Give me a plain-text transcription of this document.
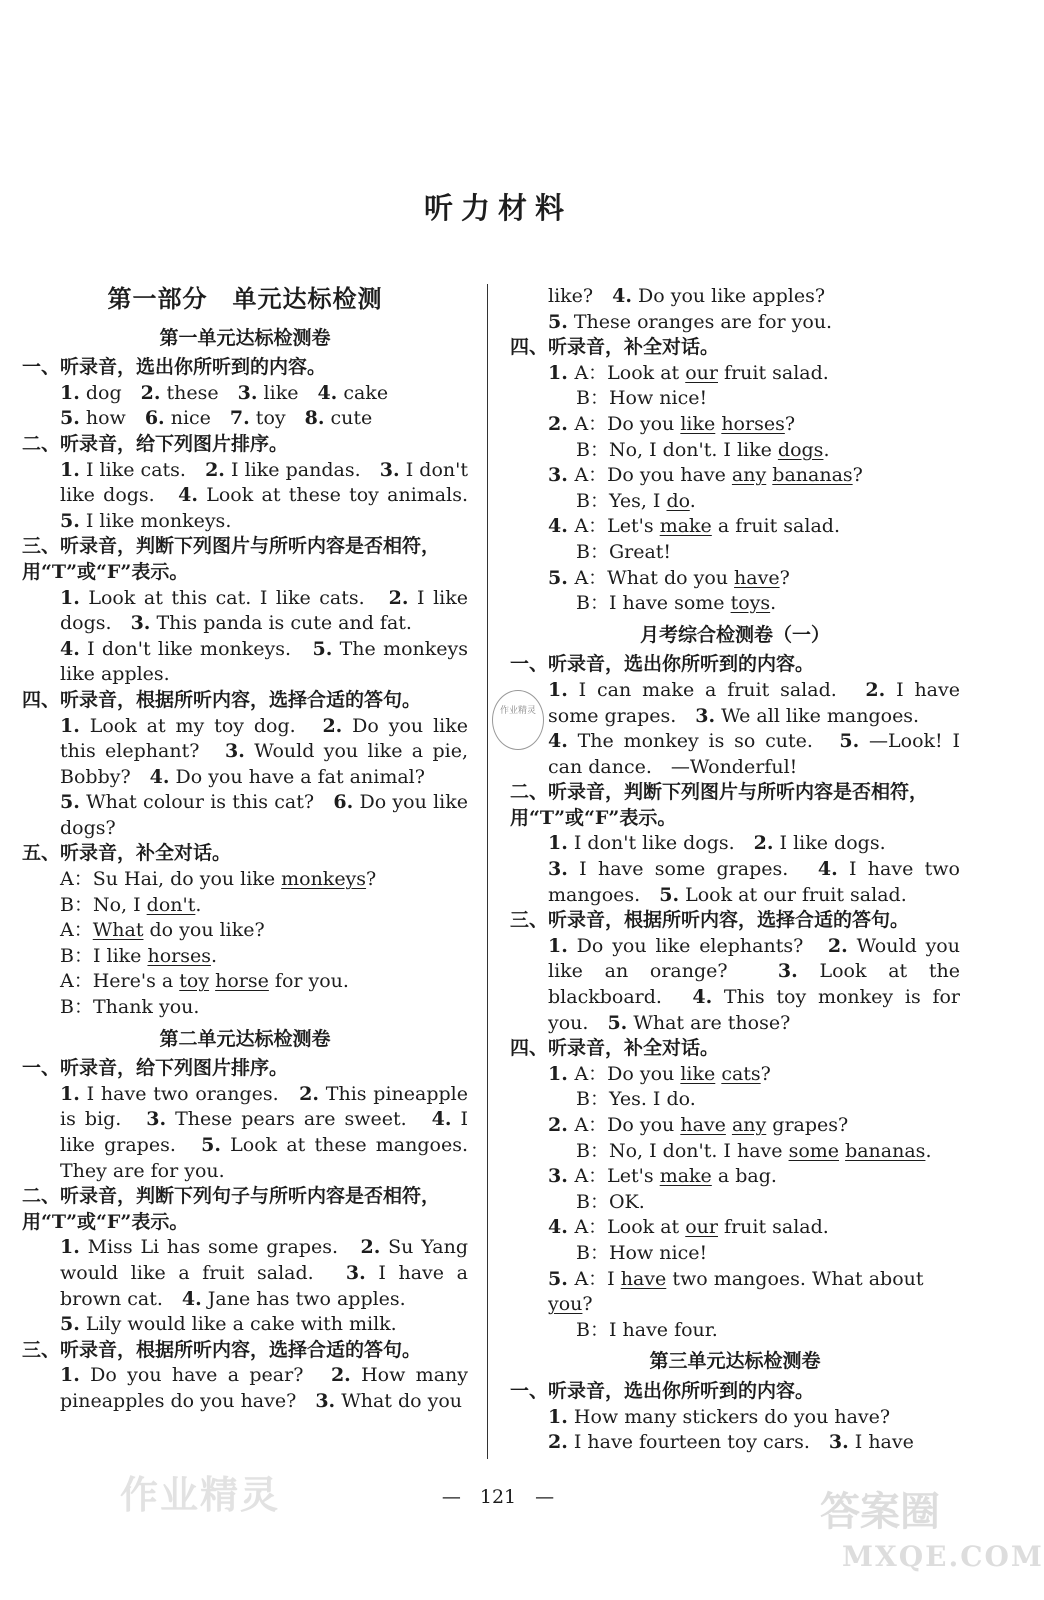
听力材料
第一部分　单元达标检测
第一单元达标检测卷
一、听录音，选出你所听到的内容。
1. dog　2. these　3. like　4. cake
5. how　6. nice　7. toy　8. cute
二、听录音，给下列图片排序。
1. I like cats.　2. I like pandas.　3. I don't like dogs.　4. Look at these toy animals.　5. I like monkeys.
三、听录音，判断下列图片与所听内容是否相符，用“T”或“F”表示。
1. Look at this cat. I like cats.　2. I like dogs.　3. This panda is cute and fat.
4. I don't like monkeys.　5. The monkeys like apples.
四、听录音，根据所听内容，选择合适的答句。
1. Look at my toy dog.　2. Do you like this elephant?　3. Would you like a pie, Bobby?　4. Do you have a fat animal?
5. What colour is this cat?　6. Do you like dogs?
五、听录音，补全对话。
A：Su Hai, do you like monkeys?
B：No, I don't.
A：What do you like?
B：I like horses.
A：Here's a toy horse for you.
B：Thank you.
第二单元达标检测卷
一、听录音，给下列图片排序。
1. I have two oranges.　2. This pineapple is big.　3. These pears are sweet.　4. I like grapes.　5. Look at these mangoes. They are for you.
二、听录音，判断下列句子与所听内容是否相符，用“T”或“F”表示。
1. Miss Li has some grapes.　2. Su Yang would like a fruit salad.　3. I have a brown cat.　4. Jane has two apples.
5. Lily would like a cake with milk.
三、听录音，根据所听内容，选择合适的答句。
1. Do you have a pear?　2. How many pineapples do you have?　3. What do you
like?　4. Do you like apples?
5. These oranges are for you.
四、听录音，补全对话。
1. A：Look at our fruit salad.
B：How nice!
2. A：Do you like horses?
B：No, I don't. I like dogs.
3. A：Do you have any bananas?
B：Yes, I do.
4. A：Let's make a fruit salad.
B：Great!
5. A：What do you have?
B：I have some toys.
月考综合检测卷（一）
一、听录音，选出你所听到的内容。
1. I can make a fruit salad.　2. I have some grapes.　3. We all like mangoes.
4. The monkey is so cute.　5. —Look! I can dance.　—Wonderful!
二、听录音，判断下列图片与所听内容是否相符，用“T”或“F”表示。
1. I don't like dogs.　2. I like dogs.
3. I have some grapes.　4. I have two mangoes.　5. Look at our fruit salad.
三、听录音，根据所听内容，选择合适的答句。
1. Do you like elephants?　2. Would you like an orange?　3. Look at the blackboard.　4. This toy monkey is for you.　5. What are those?
四、听录音，补全对话。
1. A：Do you like cats?
B：Yes. I do.
2. A：Do you have any grapes?
B：No, I don't. I have some bananas.
3. A：Let's make a bag.
B：OK.
4. A：Look at our fruit salad.
B：How nice!
5. A：I have two mangoes. What about you?
B：I have four.
第三单元达标检测卷
一、听录音，选出你所听到的内容。
1. How many stickers do you have?
2. I have fourteen toy cars.　3. I have
作业精灵
—　121　—
作业精灵	答案圈
MXQE.COM
